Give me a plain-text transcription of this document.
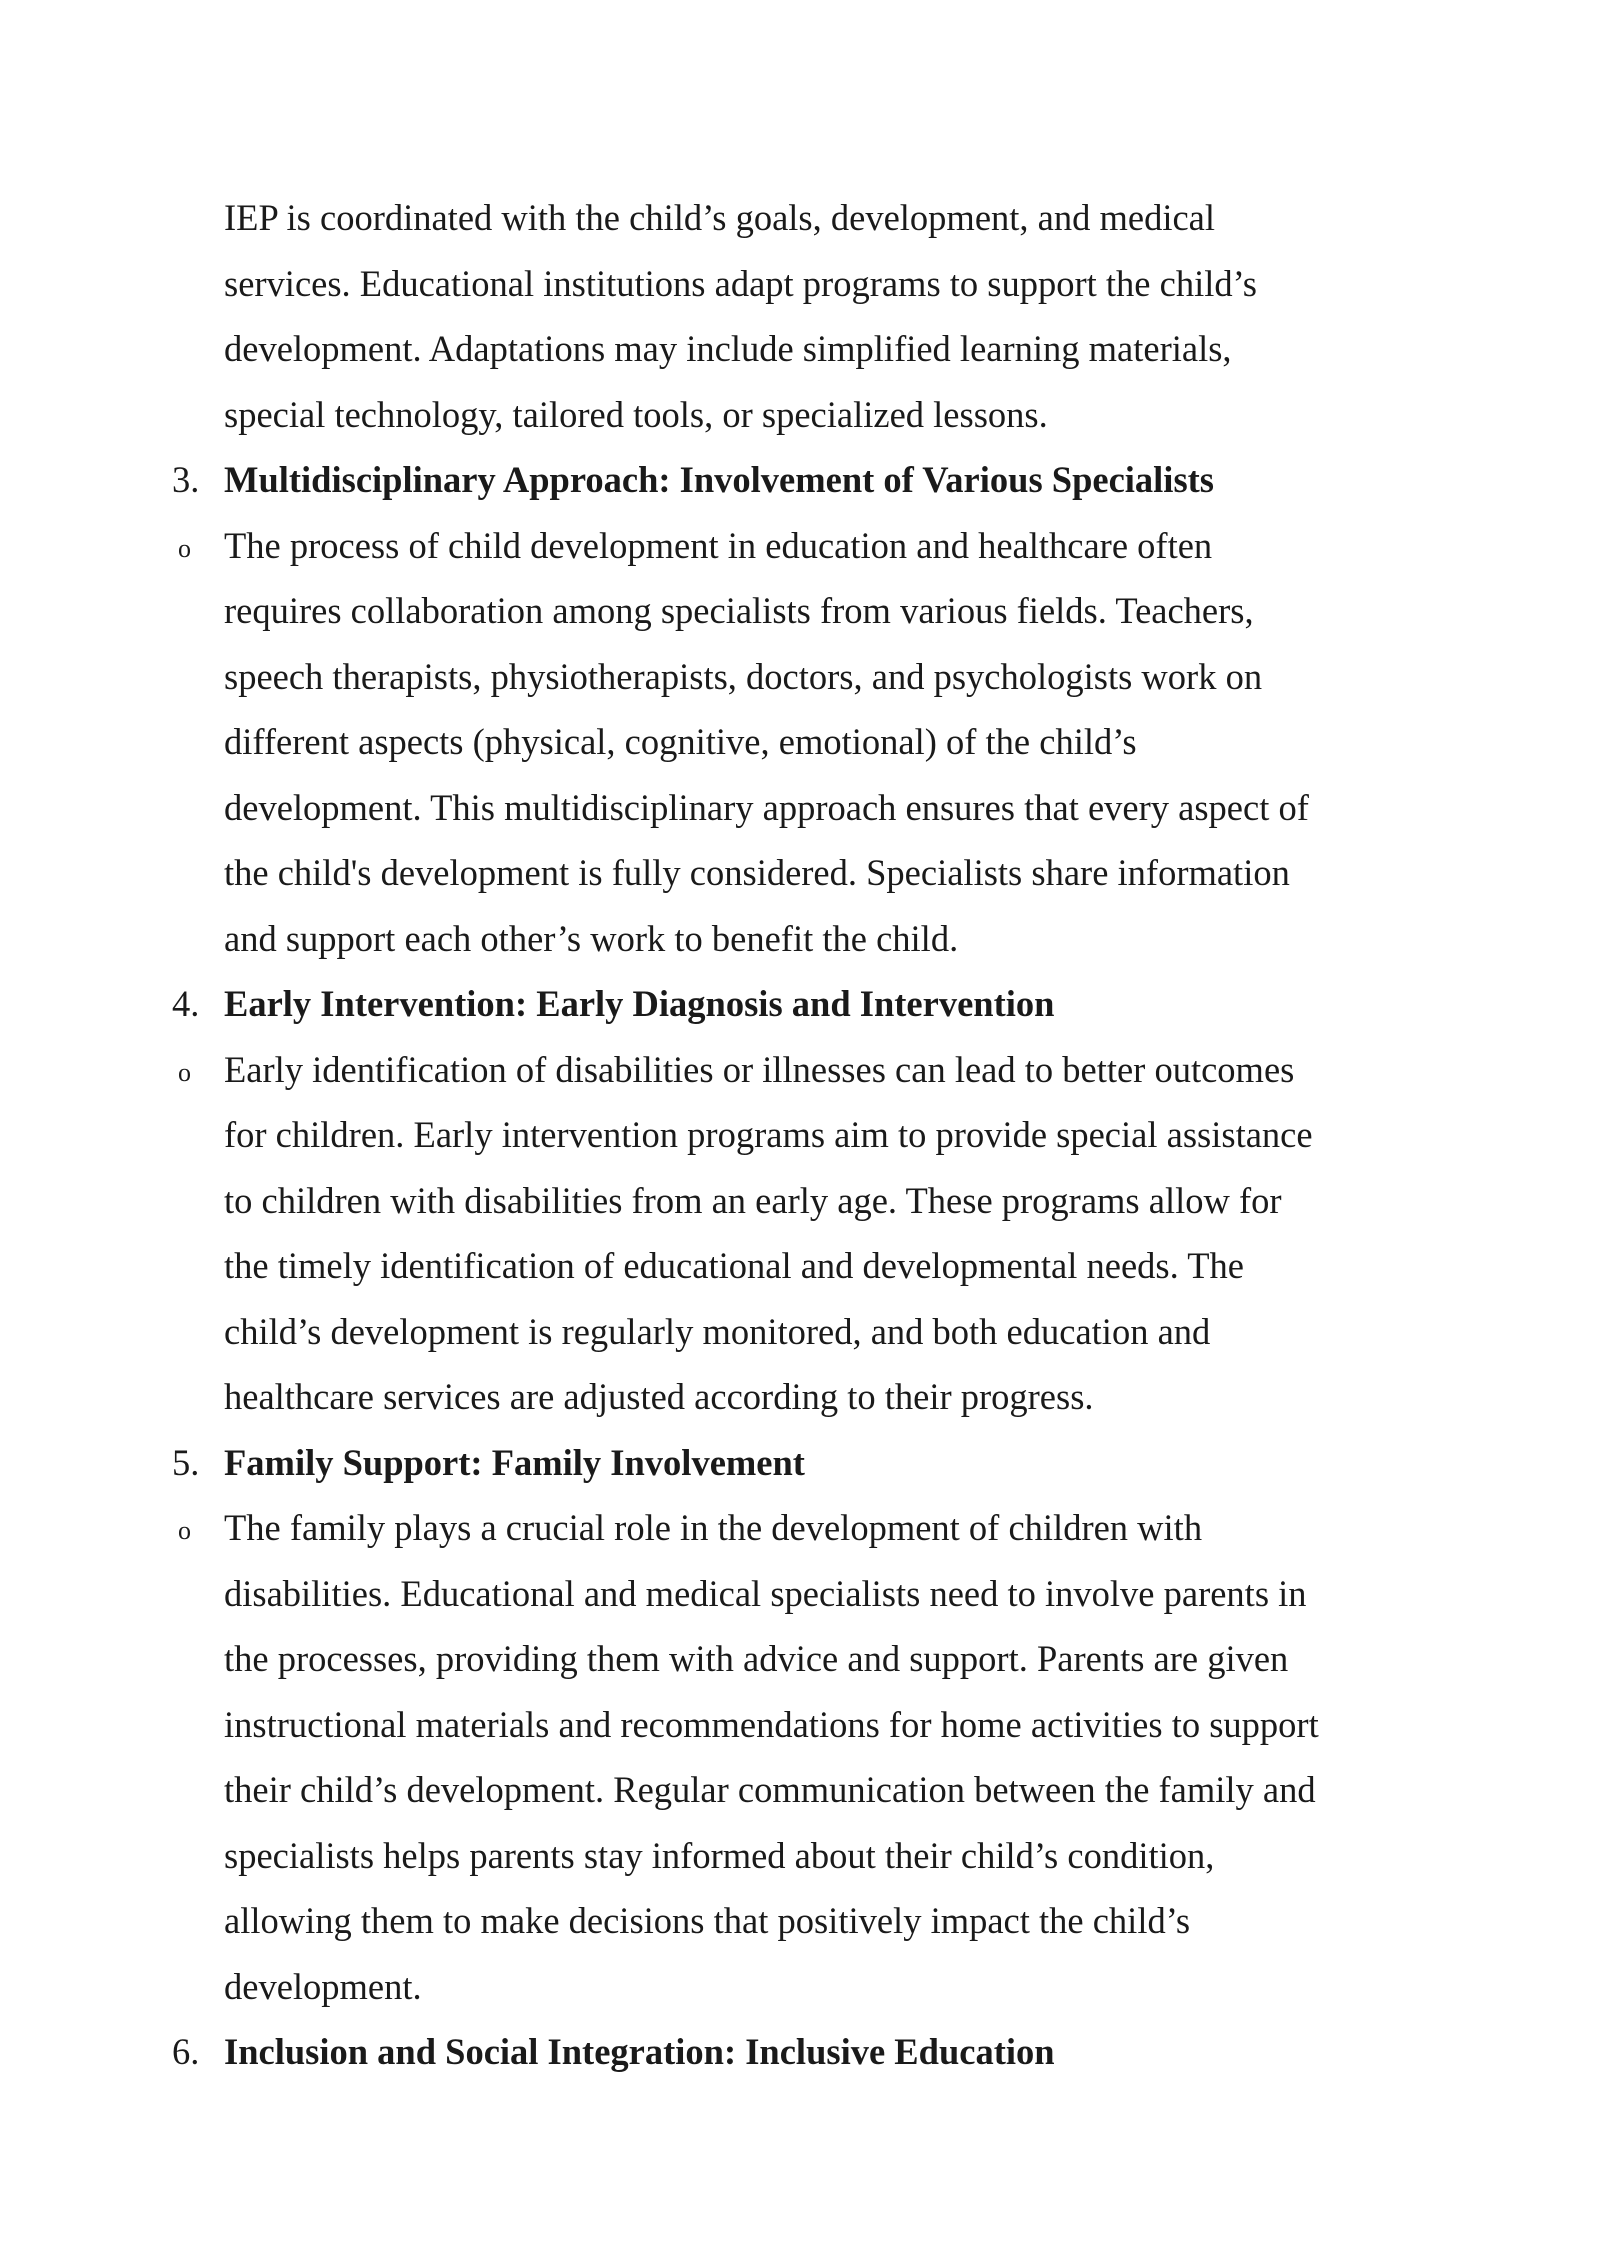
IEP is coordinated with the child’s goals, development, and medical
services. Educational institutions adapt programs to support the child’s
development. Adaptations may include simplified learning materials,
special technology, tailored tools, or specialized lessons.
3. Multidisciplinary Approach: Involvement of Various Specialists
o The process of child development in education and healthcare often
requires collaboration among specialists from various fields. Teachers,
speech therapists, physiotherapists, doctors, and psychologists work on
different aspects (physical, cognitive, emotional) of the child’s
development. This multidisciplinary approach ensures that every aspect of
the child's development is fully considered. Specialists share information
and support each other’s work to benefit the child.
4. Early Intervention: Early Diagnosis and Intervention
o Early identification of disabilities or illnesses can lead to better outcomes
for children. Early intervention programs aim to provide special assistance
to children with disabilities from an early age. These programs allow for
the timely identification of educational and developmental needs. The
child’s development is regularly monitored, and both education and
healthcare services are adjusted according to their progress.
5. Family Support: Family Involvement
o The family plays a crucial role in the development of children with
disabilities. Educational and medical specialists need to involve parents in
the processes, providing them with advice and support. Parents are given
instructional materials and recommendations for home activities to support
their child’s development. Regular communication between the family and
specialists helps parents stay informed about their child’s condition,
allowing them to make decisions that positively impact the child’s
development.
6. Inclusion and Social Integration: Inclusive Education
